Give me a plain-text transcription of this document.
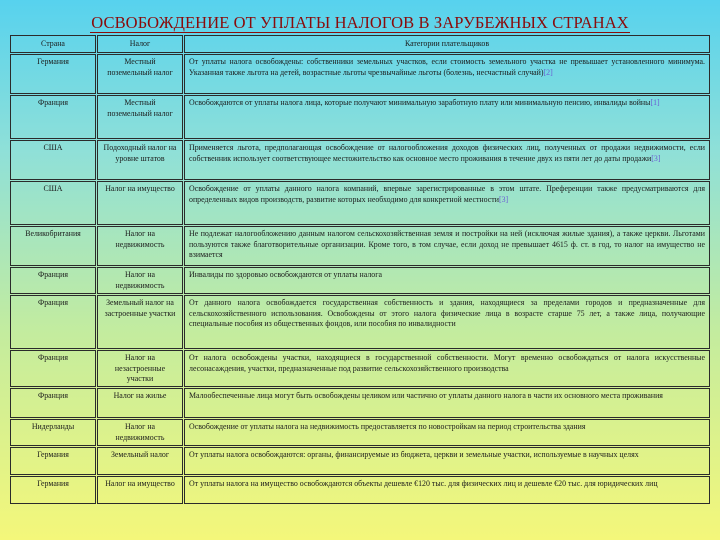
ОСВОБОЖДЕНИЕ ОТ УПЛАТЫ НАЛОГОВ В ЗАРУБЕЖНЫХ СТРАНАХ
Страна	Налог	Категории плательщиков
Германия	Местный поземельный налог	От уплаты налога освобождены: собственники земельных участков, если стоимость земельного участка не превышает установленного минимума. Указанная также льгота на детей, возрастные льготы чрезвычайные льготы (болезнь, несчастный случай)[2]
Франция	Местный поземельный налог	Освобождаются от уплаты налога лица, которые получают минимальную заработную плату или минимальную пенсию, инвалиды войны[1]
США	Подоходный налог на уровне штатов	Применяется льгота, предполагающая освобождение от налогообложения доходов физических лиц, полученных от продажи недвижимости, если собственник использует соответствующее местожительство как основное место проживания в течение двух из пяти лет до даты продажи[3]
США	Налог на имущество	Освобождение от уплаты данного налога компаний, впервые зарегистрированные в этом штате. Преференции также предусматриваются для определенных видов производств, развитие которых необходимо для конкретной местности[3]
Великобритания	Налог на недвижимость	Не подлежат налогообложению данным налогом сельскохозяйственная земля и постройки на ней (исключая жилые здания), а также церкви. Льготами пользуются также благотворительные организации. Кроме того, в том случае, если доход не превышает 4615 ф. ст. в год, то налог на имущество не взимается
Франция	Налог на недвижимость	Инвалиды по здоровью освобождаются от уплаты налога
Франция	Земельный налог на застроенные участки	От данного налога освобождается государственная собственность и здания, находящиеся за пределами городов и предназначенные для сельскохозяйственного использования. Освобождены от этого налога физические лица в возрасте старше 75 лет, а также лица, получающие специальные пособия из общественных фондов, или пособия по инвалидности
Франция	Налог на незастроенные участки	От налога освобождены участки, находящиеся в государственной собственности. Могут временно освобождаться от налога искусственные лесонасаждения, участки, предназначенные под развитие сельскохозяйственного производства
Франция	Налог на жилье	Малообеспеченные лица могут быть освобождены целиком или частично от уплаты данного налога в части их основного места проживания
Нидерланды	Налог на недвижимость	Освобождение от уплаты налога на недвижимость предоставляется по новостройкам на период строительства здания
Германия	Земельный налог	От уплаты налога освобождаются: органы, финансируемые из бюджета, церкви и земельные участки, используемые в научных целях
Германия	Налог на имущество	От уплаты налога на имущество освобождаются объекты дешевле €120 тыс. для физических лиц и дешевле €20 тыс. для юридических лиц
